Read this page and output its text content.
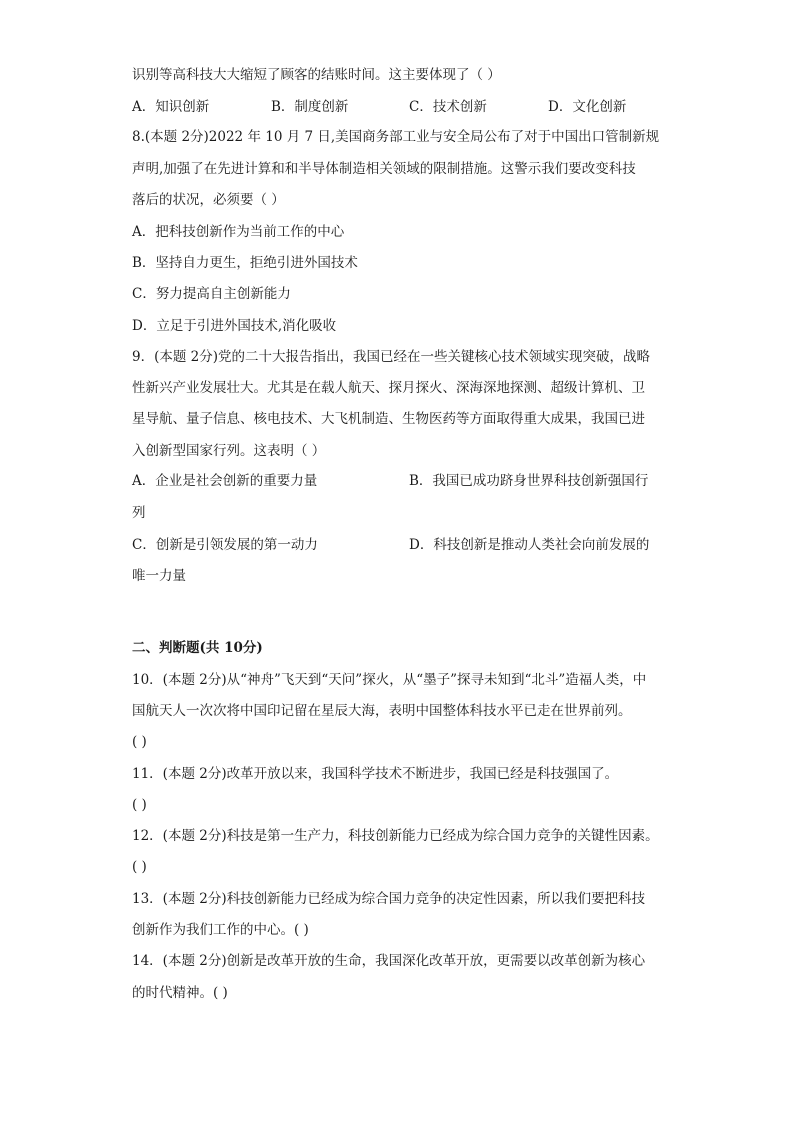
识别等高科技大大缩短了顾客的结账时间。这主要体现了（ ）
A．知识创新	B．制度创新	C．技术创新	D．文化创新
8.(本题 2分)2022 年 10 月 7 日,美国商务部工业与安全局公布了对于中国出口管制新规
声明,加强了在先进计算和和半导体制造相关领域的限制措施。这警示我们要改变科技
落后的状况，必须要（ ）
A．把科技创新作为当前工作的中心
B．坚持自力更生，拒绝引进外国技术
C．努力提高自主创新能力
D．立足于引进外国技术,消化吸收
9．(本题 2分)党的二十大报告指出，我国已经在一些关键核心技术领域实现突破，战略
性新兴产业发展壮大。尤其是在载人航天、探月探火、深海深地探测、超级计算机、卫
星导航、量子信息、核电技术、大飞机制造、生物医药等方面取得重大成果，我国已进
入创新型国家行列。这表明（ ）
A．企业是社会创新的重要力量	B．我国已成功跻身世界科技创新强国行
列
C．创新是引领发展的第一动力	D．科技创新是推动人类社会向前发展的
唯一力量
二、判断题(共 10分)
10．(本题 2分)从“神舟”飞天到“天问”探火，从“墨子”探寻未知到“北斗”造福人类，中
国航天人一次次将中国印记留在星辰大海，表明中国整体科技水平已走在世界前列。
( )
11．(本题 2分)改革开放以来，我国科学技术不断进步，我国已经是科技强国了。
( )
12．(本题 2分)科技是第一生产力，科技创新能力已经成为综合国力竞争的关键性因素。
( )
13．(本题 2分)科技创新能力已经成为综合国力竞争的决定性因素，所以我们要把科技
创新作为我们工作的中心。( )
14．(本题 2分)创新是改革开放的生命，我国深化改革开放，更需要以改革创新为核心
的时代精神。( )
